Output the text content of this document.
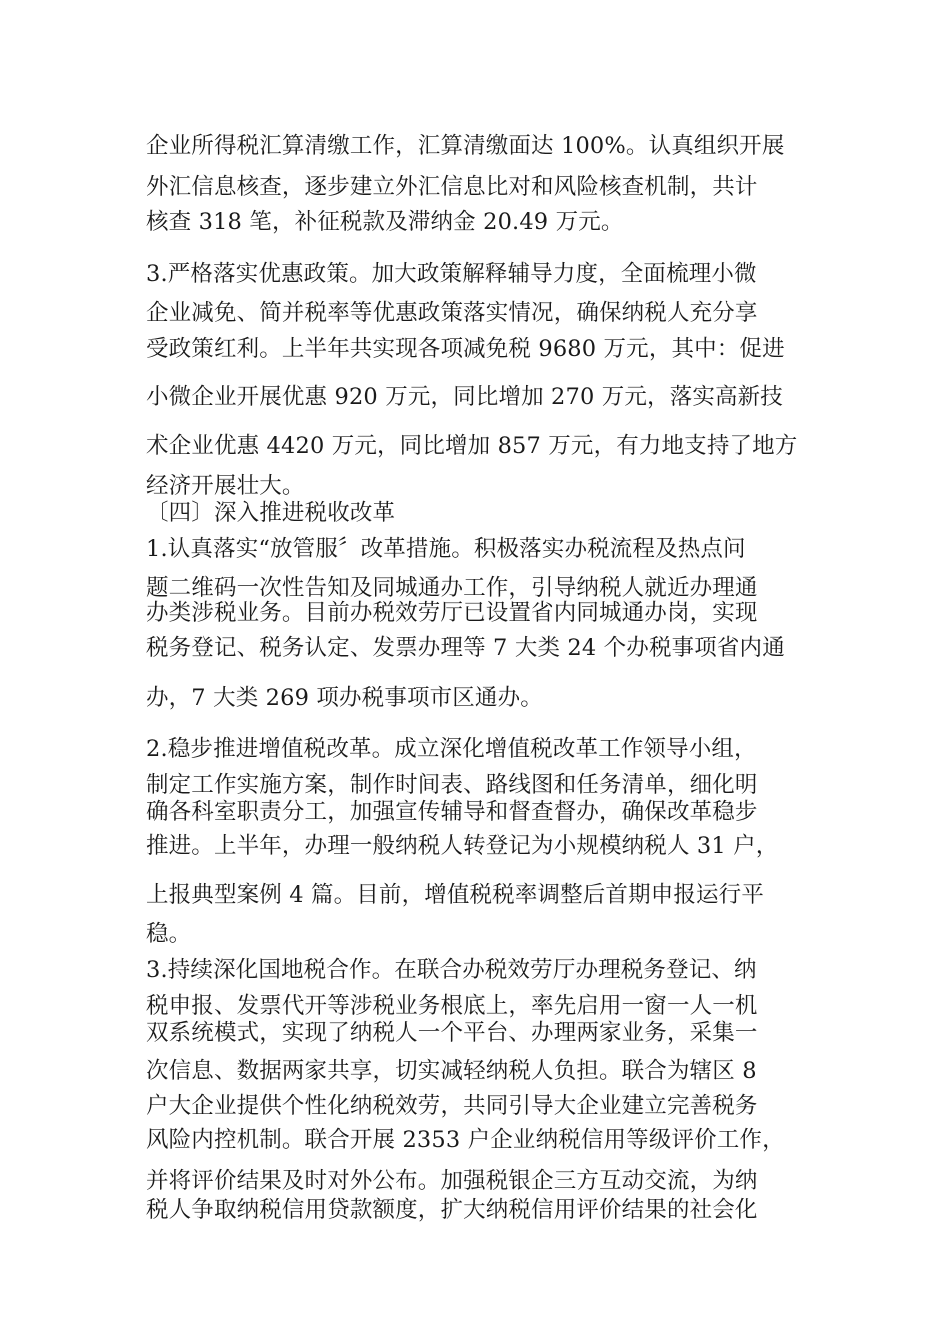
企业所得税汇算清缴工作，汇算清缴面达 100%。认真组织开展
外汇信息核查，逐步建立外汇信息比对和风险核查机制，共计
核查 318 笔，补征税款及滞纳金 20.49 万元。
3.严格落实优惠政策。加大政策解释辅导力度，全面梳理小微
企业减免、简并税率等优惠政策落实情况，确保纳税人充分享
受政策红利。上半年共实现各项减免税 9680 万元，其中：促进
小微企业开展优惠 920 万元，同比增加 270 万元，落实高新技
术企业优惠 4420 万元，同比增加 857 万元，有力地支持了地方
经济开展壮大。
〔四〕深入推进税收改革
1.认真落实“放管服〞改革措施。积极落实办税流程及热点问
题二维码一次性告知及同城通办工作，引导纳税人就近办理通
办类涉税业务。目前办税效劳厅已设置省内同城通办岗，实现
税务登记、税务认定、发票办理等 7 大类 24 个办税事项省内通
办，7 大类 269 项办税事项市区通办。
2.稳步推进增值税改革。成立深化增值税改革工作领导小组，
制定工作实施方案，制作时间表、路线图和任务清单，细化明
确各科室职责分工，加强宣传辅导和督查督办，确保改革稳步
推进。上半年，办理一般纳税人转登记为小规模纳税人 31 户，
上报典型案例 4 篇。目前，增值税税率调整后首期申报运行平
稳。
3.持续深化国地税合作。在联合办税效劳厅办理税务登记、纳
税申报、发票代开等涉税业务根底上，率先启用一窗一人一机
双系统模式，实现了纳税人一个平台、办理两家业务，采集一
次信息、数据两家共享，切实减轻纳税人负担。联合为辖区 8
户大企业提供个性化纳税效劳，共同引导大企业建立完善税务
风险内控机制。联合开展 2353 户企业纳税信用等级评价工作，
并将评价结果及时对外公布。加强税银企三方互动交流，为纳
税人争取纳税信用贷款额度，扩大纳税信用评价结果的社会化
